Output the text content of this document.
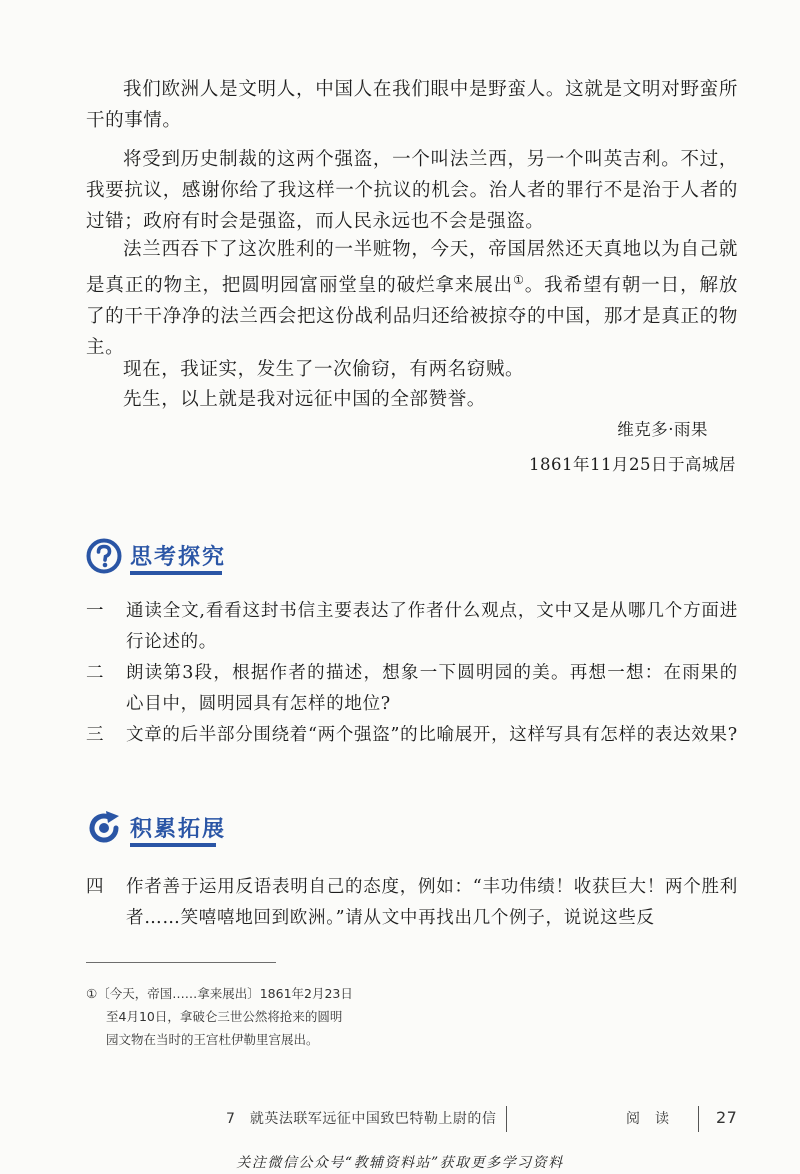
我们欧洲人是文明人，中国人在我们眼中是野蛮人。这就是文明对野蛮所干的事情。

将受到历史制裁的这两个强盗，一个叫法兰西，另一个叫英吉利。不过，我要抗议，感谢你给了我这样一个抗议的机会。治人者的罪行不是治于人者的过错；政府有时会是强盗，而人民永远也不会是强盗。

法兰西吞下了这次胜利的一半赃物，今天，帝国居然还天真地以为自己就是真正的物主，把圆明园富丽堂皇的破烂拿来展出①。我希望有朝一日，解放了的干干净净的法兰西会把这份战利品归还给被掠夺的中国，那才是真正的物主。

现在，我证实，发生了一次偷窃，有两名窃贼。

先生，以上就是我对远征中国的全部赞誉。

维克多·雨果
1861年11月25日于高城居
思考探究
一	通读全文,看看这封书信主要表达了作者什么观点，文中又是从哪几个方面进行论述的。
二	朗读第3段，根据作者的描述，想象一下圆明园的美。再想一想：在雨果的心目中，圆明园具有怎样的地位?
三	文章的后半部分围绕着“两个强盗”的比喻展开，这样写具有怎样的表达效果?
积累拓展
四	作者善于运用反语表明自己的态度，例如：“丰功伟绩！收获巨大！两个胜利者……笑嘻嘻地回到欧洲。”请从文中再找出几个例子，说说这些反
①〔今天，帝国……拿来展出〕1861年2月23日
至4月10日，拿破仑三世公然将抢来的圆明
园文物在当时的王宫杜伊勒里宫展出。
7　就英法联军远征中国致巴特勒上尉的信	阅　读	27
关注微信公众号“教辅资料站”获取更多学习资料
